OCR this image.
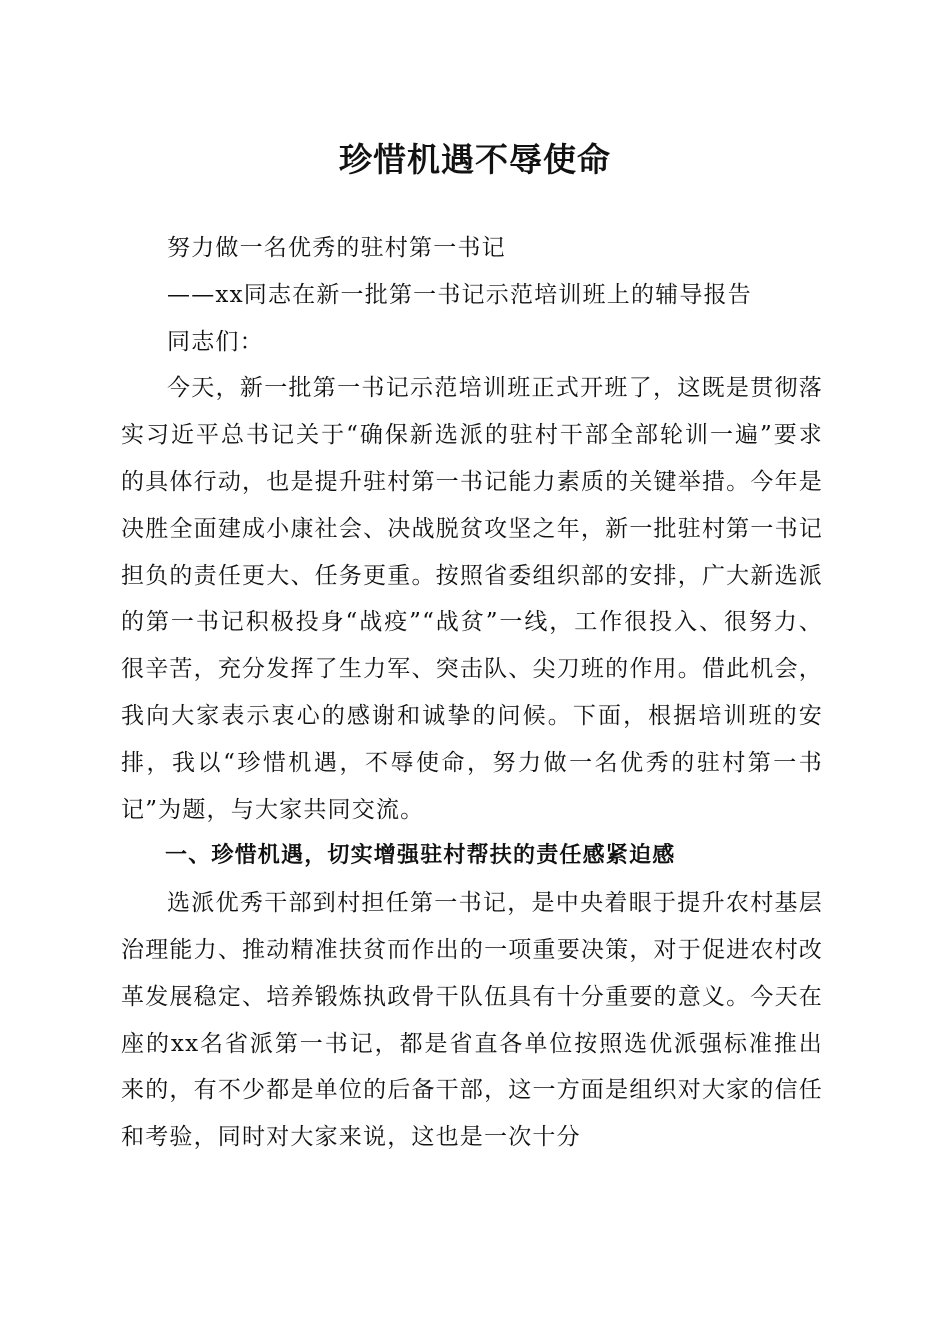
珍惜机遇不辱使命

努力做一名优秀的驻村第一书记

——xx同志在新一批第一书记示范培训班上的辅导报告

同志们：

今天，新一批第一书记示范培训班正式开班了，这既是贯彻落实习近平总书记关于“确保新选派的驻村干部全部轮训一遍”要求的具体行动，也是提升驻村第一书记能力素质的关键举措。今年是决胜全面建成小康社会、决战脱贫攻坚之年，新一批驻村第一书记担负的责任更大、任务更重。按照省委组织部的安排，广大新选派的第一书记积极投身“战疫”“战贫”一线，工作很投入、很努力、很辛苦，充分发挥了生力军、突击队、尖刀班的作用。借此机会，我向大家表示衷心的感谢和诚挚的问候。下面，根据培训班的安排，我以“珍惜机遇，不辱使命，努力做一名优秀的驻村第一书记”为题，与大家共同交流。

一、珍惜机遇，切实增强驻村帮扶的责任感紧迫感

选派优秀干部到村担任第一书记，是中央着眼于提升农村基层治理能力、推动精准扶贫而作出的一项重要决策，对于促进农村改革发展稳定、培养锻炼执政骨干队伍具有十分重要的意义。今天在座的xx名省派第一书记，都是省直各单位按照选优派强标准推出来的，有不少都是单位的后备干部，这一方面是组织对大家的信任和考验，同时对大家来说，这也是一次十分
